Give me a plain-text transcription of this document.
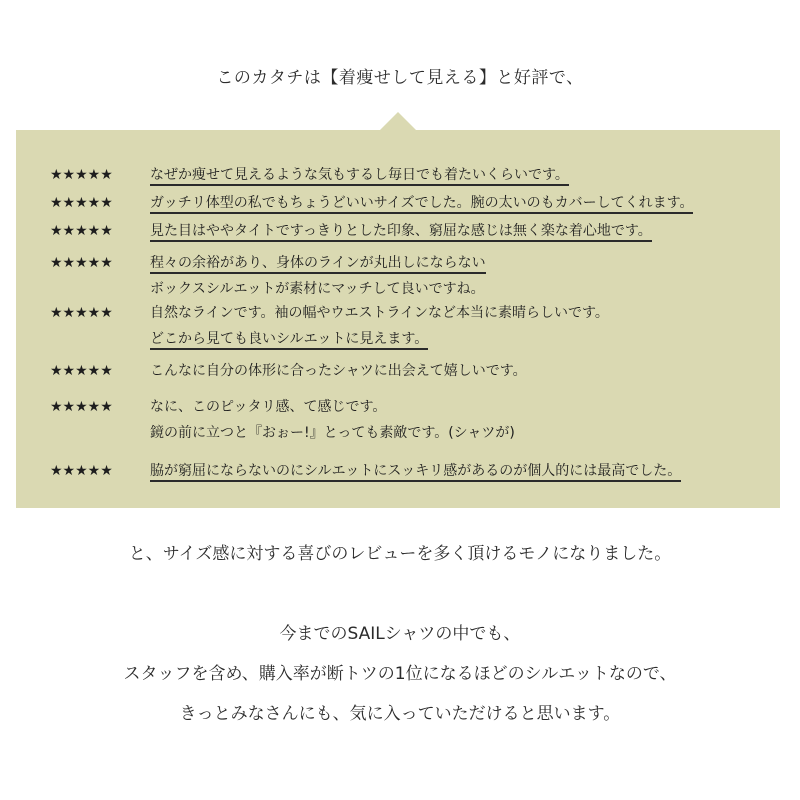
このカタチは【着痩せして見える】と好評で、
★★★★★	なぜか痩せて見えるような気もするし毎日でも着たいくらいです。
★★★★★	ガッチリ体型の私でもちょうどいいサイズでした。腕の太いのもカバーしてくれます。
★★★★★	見た目はややタイトですっきりとした印象、窮屈な感じは無く楽な着心地です。
★★★★★	程々の余裕があり、身体のラインが丸出しにならない
ボックスシルエットが素材にマッチして良いですね。
★★★★★	自然なラインです。袖の幅やウエストラインなど本当に素晴らしいです。
どこから見ても良いシルエットに見えます。
★★★★★	こんなに自分の体形に合ったシャツに出会えて嬉しいです。
★★★★★	なに、このピッタリ感、て感じです。
鏡の前に立つと『おぉー!』とっても素敵です。(シャツが)
★★★★★	脇が窮屈にならないのにシルエットにスッキリ感があるのが個人的には最高でした。
と、サイズ感に対する喜びのレビューを多く頂けるモノになりました。
今までのSAILシャツの中でも、
スタッフを含め、購入率が断トツの1位になるほどのシルエットなので、
きっとみなさんにも、気に入っていただけると思います。
